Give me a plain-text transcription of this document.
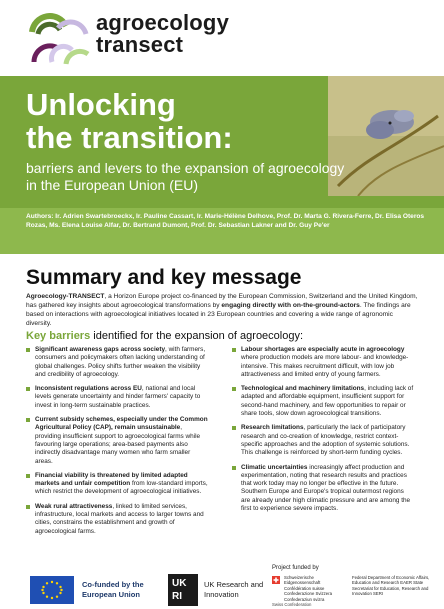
agroecology
transect
Unlocking
the transition:
barriers and levers to the expansion of agroecology in the European Union (EU)
Authors: Ir. Adrien Swartebroeckx, Ir. Pauline Cassart, Ir. Marie-Hélène Delhove, Prof. Dr. Marta G. Rivera-Ferre, Dr. Elisa Oteros Rozas, Ms. Elena Louise Alfar, Dr. Bertrand Dumont, Prof. Dr. Sebastian Lakner and Dr. Guy Pe'er
Summary and key message
Agroecology-TRANSECT, a Horizon Europe project co-financed by the European Commission, Switzerland and the United Kingdom, has gathered key insights about agroecological transformations by engaging directly with on-the-ground-actors. The findings are based on interactions with agroecological initiatives located in 23 European countries and covering a wide range of agronomic diversity.
Key barriers identified for the expansion of agroecology:
Significant awareness gaps across society, with farmers, consumers and policymakers often lacking understanding of global challenges. Policy shifts further weaken the visibility and credibility of agroecology.
Inconsistent regulations across EU, national and local levels generate uncertainty and hinder farmers' capacity to invest in long-term sustainable practices.
Current subsidy schemes, especially under the Common Agricultural Policy (CAP), remain unsustainable, providing insufficient support to agroecological farms while favouring large operations; area-based payments also indirectly disadvantage many women who farm smaller areas.
Financial viability is threatened by limited adapted markets and unfair competition from low-standard imports, which restrict the development of agroecological initiatives.
Weak rural attractiveness, linked to limited services, infrastructure, local markets and access to larger towns and cities, constrains the establishment and growth of agroecological farms.
Labour shortages are especially acute in agroecology where production models are more labour- and knowledge-intensive. This makes recruitment difficult, with low job attractiveness and limited entry of young farmers.
Technological and machinery limitations, including lack of adapted and affordable equipment, insufficient support for second-hand machinery, and few opportunities to repair or share tools, slow down agroecological transitions.
Research limitations, particularly the lack of participatory research and co-creation of knowledge, restrict context-specific approaches and the adoption of systemic solutions. This challenge is reinforced by short-term funding cycles.
Climatic uncertainties increasingly affect production and experimentation, noting that research results and practices that work today may no longer be effective in the future. Southern Europe and Europe's tropical outermost regions are already under high climatic pressure and are among the first to experience severe impacts.
Co-funded by the European Union
UK RI
UK Research and Innovation
Project funded by
Schweizerische Eidgenossenschaft Confédération suisse Confederazione Svizzera Confederaziun svizra
Federal Department of Economic Affairs, Education and Research EAER State Secretariat for Education, Research and Innovation SERI
Swiss Confederation
